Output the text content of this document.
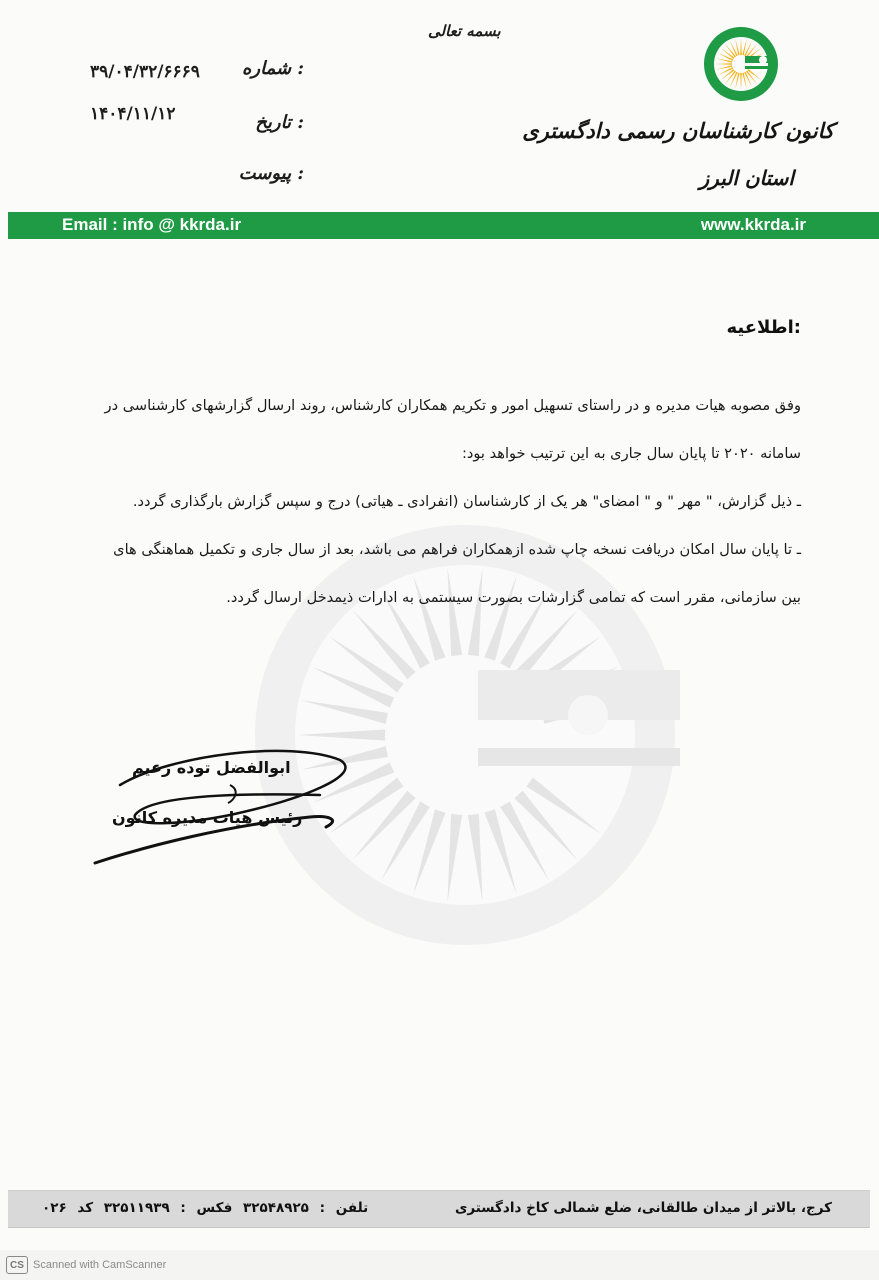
بسمه تعالی
شماره :
۳۹/۰۴/۳۲/۶۶۶۹
تاریخ :
۱۴۰۴/۱۱/۱۲
پیوست :
کانون کارشناسان رسمی دادگستری
استان البرز
Email : info @ kkrda.ir	www.kkrda.ir
اطلاعیه:

وفق مصوبه هیات مدیره و در راستای تسهیل امور و تکریم همکاران کارشناس، روند ارسال گزارشهای کارشناسی در

سامانه ۲۰۲۰ تا پایان سال جاری به این ترتیب خواهد بود:

ـ ذیل گزارش، " مهر " و " امضای" هر یک از کارشناسان (انفرادی ـ هیاتی) درج و سپس گزارش بارگذاری گردد.

ـ تا پایان سال امکان دریافت نسخه چاپ شده ازهمکاران فراهم می باشد، بعد از سال جاری و تکمیل هماهنگی های

بین سازمانی، مقرر است که تمامی گزارشات بصورت سیستمی به ادارات ذیمدخل ارسال گردد.

ابوالفضل توده زعیم
رئیس هیات مدیره کانون
کرج، بالاتر از میدان طالقانی، ضلع شمالی کاخ دادگستری
تلفن : ۳۲۵۴۸۹۲۵ فکس : ۳۲۵۱۱۹۳۹ کد ۰۲۶
CS Scanned with CamScanner
